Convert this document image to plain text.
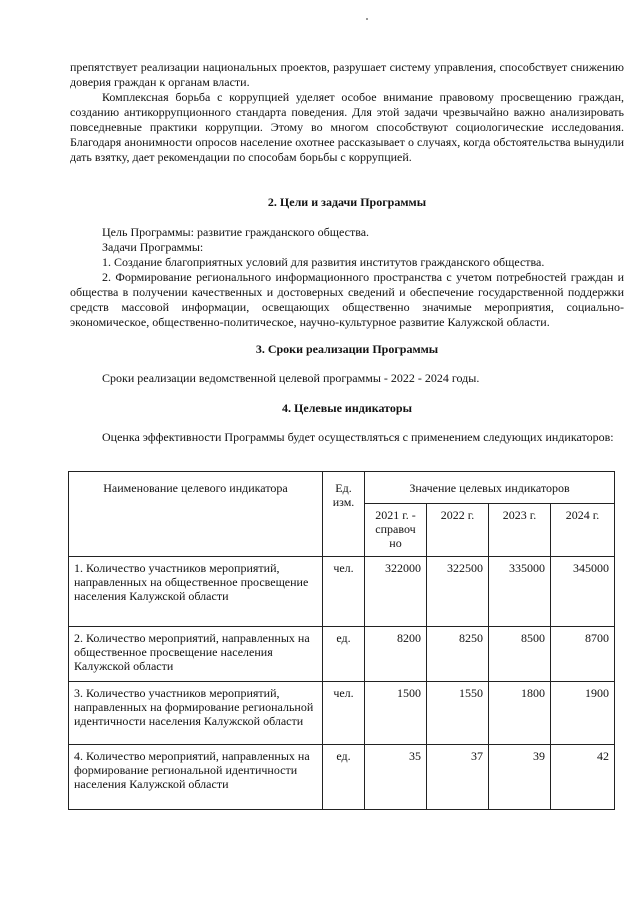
препятствует реализации национальных проектов, разрушает систему управления, способствует снижению доверия граждан к органам власти.

Комплексная борьба с коррупцией уделяет особое внимание правовому просвещению граждан, созданию антикоррупционного стандарта поведения. Для этой задачи чрезвычайно важно анализировать повседневные практики коррупции. Этому во многом способствуют социологические исследования. Благодаря анонимности опросов население охотнее рассказывает о случаях, когда обстоятельства вынудили дать взятку, дает рекомендации по способам борьбы с коррупцией.

2. Цели и задачи Программы

Цель Программы: развитие гражданского общества.

Задачи Программы:

1. Создание благоприятных условий для развития институтов гражданского общества.

2. Формирование регионального информационного пространства с учетом потребностей граждан и общества в получении качественных и достоверных сведений и обеспечение государственной поддержки средств массовой информации, освещающих общественно значимые мероприятия, социально-экономическое, общественно-политическое, научно-культурное развитие Калужской области.

3. Сроки реализации Программы

Сроки реализации ведомственной целевой программы - 2022 - 2024 годы.

4. Целевые индикаторы

Оценка эффективности Программы будет осуществляться с применением следующих индикаторов:

Наименование целевого индикатора	Ед. изм.	Значение целевых индикаторов			
		2021 г. - справоч но	2022 г.	2023 г.	2024 г.
1. Количество участников мероприятий, направленных на общественное просвещение населения Калужской области	чел.	322000	322500	335000	345000
2. Количество мероприятий, направленных на общественное просвещение населения Калужской области	ед.	8200	8250	8500	8700
3. Количество участников мероприятий, направленных на формирование региональной идентичности населения Калужской области	чел.	1500	1550	1800	1900
4. Количество мероприятий, направленных на формирование региональной идентичности населения Калужской области	ед.	35	37	39	42
